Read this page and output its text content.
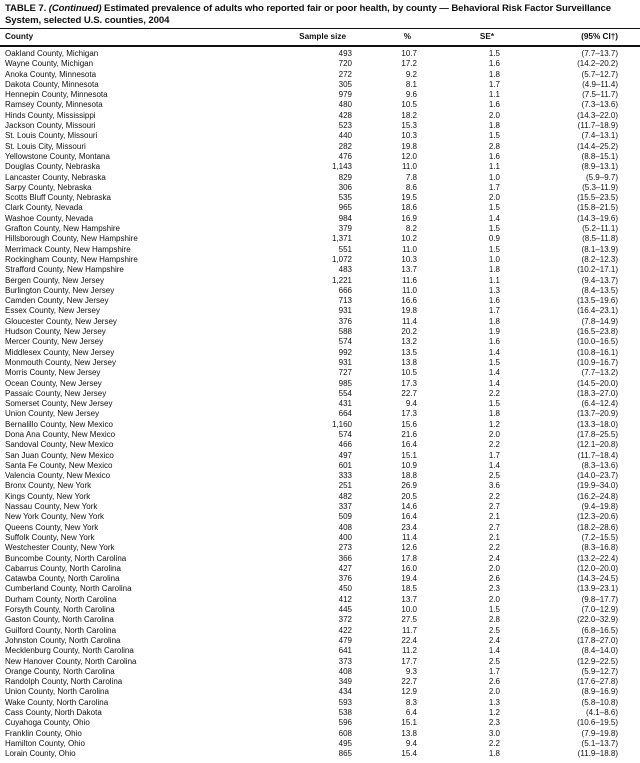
TABLE 7. (Continued) Estimated prevalence of adults who reported fair or poor health, by county — Behavioral Risk Factor Surveillance System, selected U.S. counties, 2004

County	Sample size	%	SE*	(95% CI†)
Oakland County, Michigan	493	10.7	1.5	(7.7–13.7)
Wayne County, Michigan	720	17.2	1.6	(14.2–20.2)
Anoka County, Minnesota	272	9.2	1.8	(5.7–12.7)
Dakota County, Minnesota	305	8.1	1.7	(4.9–11.4)
Hennepin County, Minnesota	979	9.6	1.1	(7.5–11.7)
Ramsey County, Minnesota	480	10.5	1.6	(7.3–13.6)
Hinds County, Mississippi	428	18.2	2.0	(14.3–22.0)
Jackson County, Missouri	523	15.3	1.8	(11.7–18.9)
St. Louis County, Missouri	440	10.3	1.5	(7.4–13.1)
St. Louis City, Missouri	282	19.8	2.8	(14.4–25.2)
Yellowstone County, Montana	476	12.0	1.6	(8.8–15.1)
Douglas County, Nebraska	1,143	11.0	1.1	(8.9–13.1)
Lancaster County, Nebraska	829	7.8	1.0	(5.9–9.7)
Sarpy County, Nebraska	306	8.6	1.7	(5.3–11.9)
Scotts Bluff County, Nebraska	535	19.5	2.0	(15.5–23.5)
Clark County, Nevada	965	18.6	1.5	(15.8–21.5)
Washoe County, Nevada	984	16.9	1.4	(14.3–19.6)
Grafton County, New Hampshire	379	8.2	1.5	(5.2–11.1)
Hillsborough County, New Hampshire	1,371	10.2	0.9	(8.5–11.8)
Merrimack County, New Hampshire	551	11.0	1.5	(8.1–13.9)
Rockingham County, New Hampshire	1,072	10.3	1.0	(8.2–12.3)
Strafford County, New Hampshire	483	13.7	1.8	(10.2–17.1)
Bergen County, New Jersey	1,221	11.6	1.1	(9.4–13.7)
Burlington County, New Jersey	666	11.0	1.3	(8.4–13.5)
Camden County, New Jersey	713	16.6	1.6	(13.5–19.6)
Essex County, New Jersey	931	19.8	1.7	(16.4–23.1)
Gloucester County, New Jersey	376	11.4	1.8	(7.8–14.9)
Hudson County, New Jersey	588	20.2	1.9	(16.5–23.8)
Mercer County, New Jersey	574	13.2	1.6	(10.0–16.5)
Middlesex County, New Jersey	992	13.5	1.4	(10.8–16.1)
Monmouth County, New Jersey	931	13.8	1.5	(10.9–16.7)
Morris County, New Jersey	727	10.5	1.4	(7.7–13.2)
Ocean County, New Jersey	985	17.3	1.4	(14.5–20.0)
Passaic County, New Jersey	554	22.7	2.2	(18.3–27.0)
Somerset County, New Jersey	431	9.4	1.5	(6.4–12.4)
Union County, New Jersey	664	17.3	1.8	(13.7–20.9)
Bernalillo County, New Mexico	1,160	15.6	1.2	(13.3–18.0)
Dona Ana County, New Mexico	574	21.6	2.0	(17.8–25.5)
Sandoval County, New Mexico	466	16.4	2.2	(12.1–20.8)
San Juan County, New Mexico	497	15.1	1.7	(11.7–18.4)
Santa Fe County, New Mexico	601	10.9	1.4	(8.3–13.6)
Valencia County, New Mexico	333	18.8	2.5	(14.0–23.7)
Bronx County, New York	251	26.9	3.6	(19.9–34.0)
Kings County, New York	482	20.5	2.2	(16.2–24.8)
Nassau County, New York	337	14.6	2.7	(9.4–19.8)
New York County, New York	509	16.4	2.1	(12.3–20.6)
Queens County, New York	408	23.4	2.7	(18.2–28.6)
Suffolk County, New York	400	11.4	2.1	(7.2–15.5)
Westchester County, New York	273	12.6	2.2	(8.3–16.8)
Buncombe County, North Carolina	366	17.8	2.4	(13.2–22.4)
Cabarrus County, North Carolina	427	16.0	2.0	(12.0–20.0)
Catawba County, North Carolina	376	19.4	2.6	(14.3–24.5)
Cumberland County, North Carolina	450	18.5	2.3	(13.9–23.1)
Durham County, North Carolina	412	13.7	2.0	(9.8–17.7)
Forsyth County, North Carolina	445	10.0	1.5	(7.0–12.9)
Gaston County, North Carolina	372	27.5	2.8	(22.0–32.9)
Guilford County, North Carolina	422	11.7	2.5	(6.8–16.5)
Johnston County, North Carolina	479	22.4	2.4	(17.8–27.0)
Mecklenburg County, North Carolina	641	11.2	1.4	(8.4–14.0)
New Hanover County, North Carolina	373	17.7	2.5	(12.9–22.5)
Orange County, North Carolina	408	9.3	1.7	(5.9–12.7)
Randolph County, North Carolina	349	22.7	2.6	(17.6–27.8)
Union County, North Carolina	434	12.9	2.0	(8.9–16.9)
Wake County, North Carolina	593	8.3	1.3	(5.8–10.8)
Cass County, North Dakota	538	6.4	1.2	(4.1–8.6)
Cuyahoga County, Ohio	596	15.1	2.3	(10.6–19.5)
Franklin County, Ohio	608	13.8	3.0	(7.9–19.8)
Hamilton County, Ohio	495	9.4	2.2	(5.1–13.7)
Lorain County, Ohio	865	15.4	1.8	(11.9–18.8)
